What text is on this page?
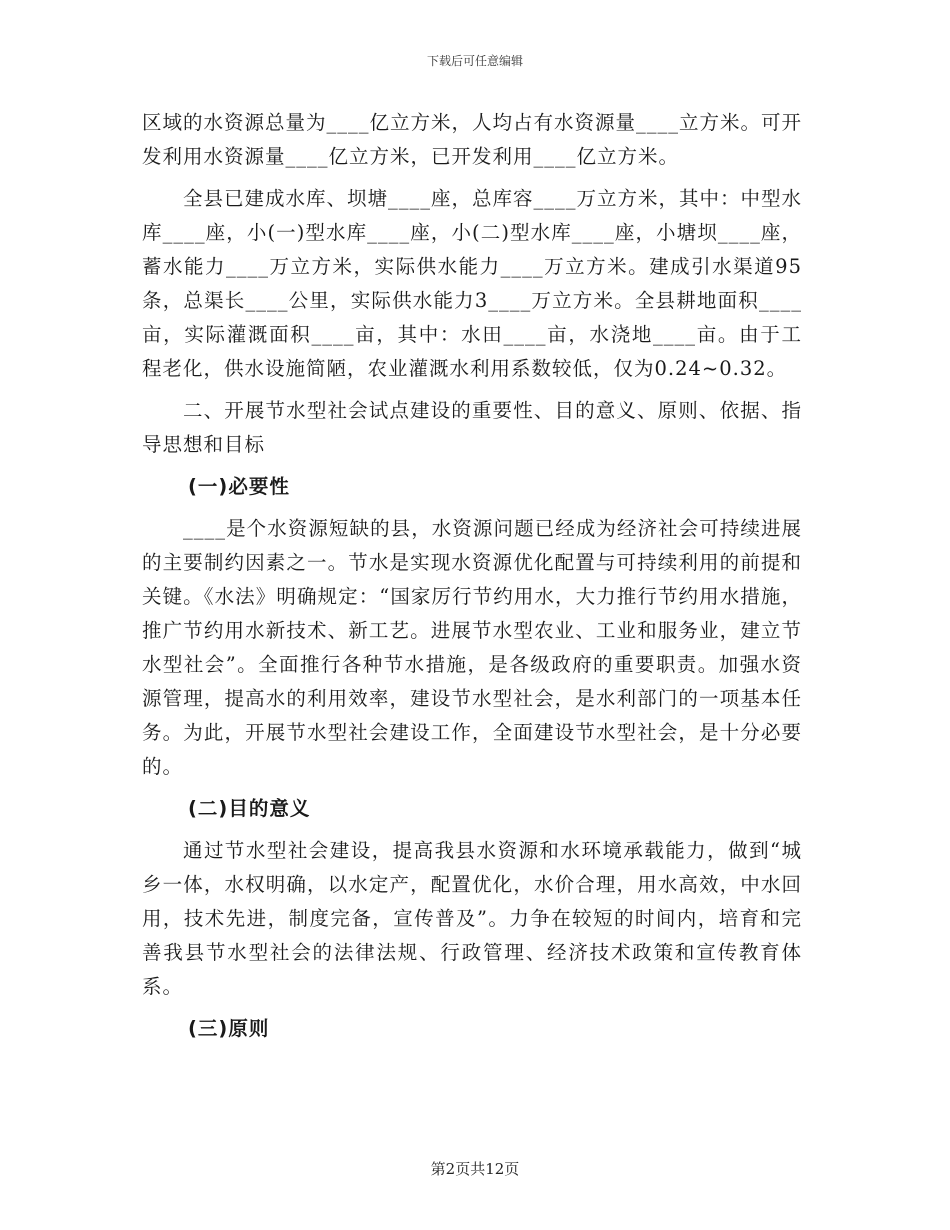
下载后可任意编辑

区域的水资源总量为____亿立方米，人均占有水资源量____立方米。可开发利用水资源量____亿立方米，已开发利用____亿立方米。

全县已建成水库、坝塘____座，总库容____万立方米，其中：中型水库____座，小(一)型水库____座，小(二)型水库____座，小塘坝____座，蓄水能力____万立方米，实际供水能力____万立方米。建成引水渠道95条，总渠长____公里，实际供水能力3____万立方米。全县耕地面积____亩，实际灌溉面积____亩，其中：水田____亩，水浇地____亩。由于工程老化，供水设施简陋，农业灌溉水利用系数较低，仅为0.24~0.32。

二、开展节水型社会试点建设的重要性、目的意义、原则、依据、指导思想和目标

(一)必要性

____是个水资源短缺的县，水资源问题已经成为经济社会可持续进展的主要制约因素之一。节水是实现水资源优化配置与可持续利用的前提和关键。《水法》明确规定：“国家厉行节约用水，大力推行节约用水措施，推广节约用水新技术、新工艺。进展节水型农业、工业和服务业，建立节水型社会”。全面推行各种节水措施，是各级政府的重要职责。加强水资源管理，提高水的利用效率，建设节水型社会，是水利部门的一项基本任务。为此，开展节水型社会建设工作，全面建设节水型社会，是十分必要的。

(二)目的意义

通过节水型社会建设，提高我县水资源和水环境承载能力，做到“城乡一体，水权明确，以水定产，配置优化，水价合理，用水高效，中水回用，技术先进，制度完备，宣传普及”。力争在较短的时间内，培育和完善我县节水型社会的法律法规、行政管理、经济技术政策和宣传教育体系。

(三)原则

第2页共12页
